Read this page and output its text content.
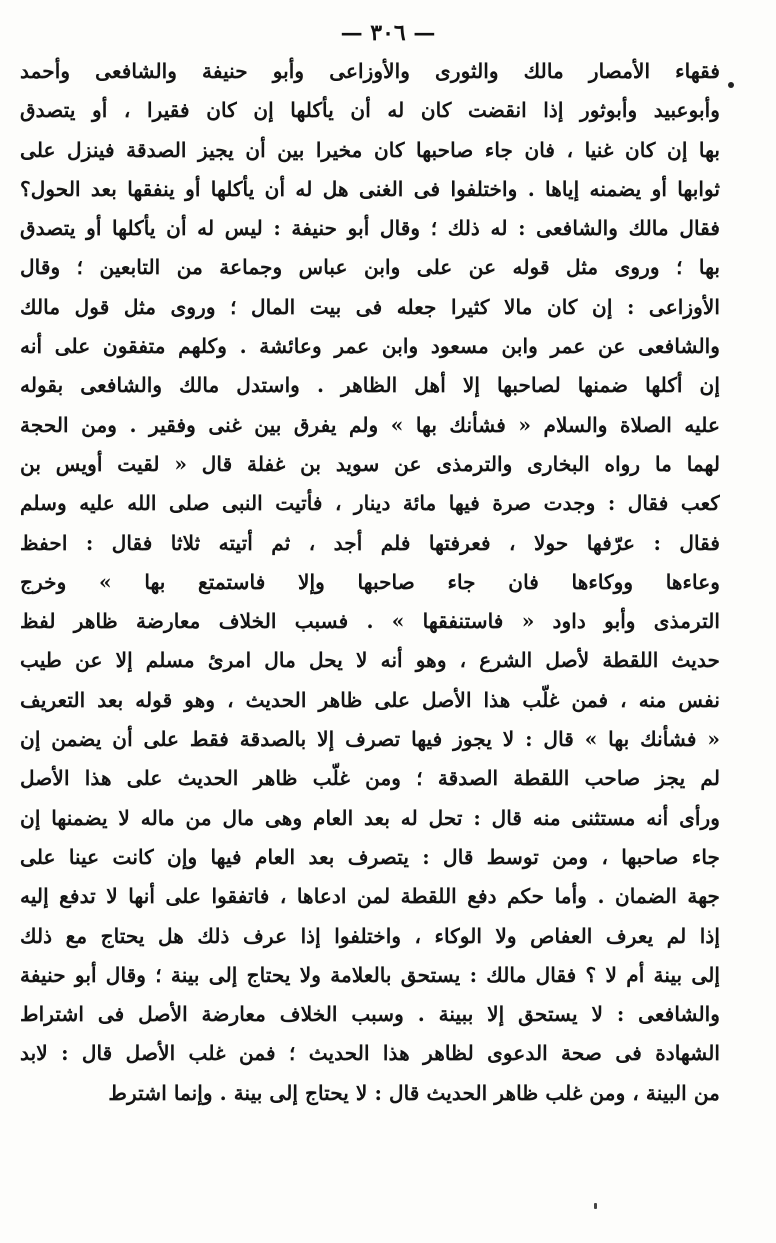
— ٣٠٦ —
فقهاء الأمصار مالك والثورى والأوزاعى وأبو حنيفة والشافعى وأحمد
وأبوعبيد وأبوثور إذا انقضت كان له أن يأكلها إن كان فقيرا ، أو يتصدق
بها إن كان غنيا ، فان جاء صاحبها كان مخيرا بين أن يجيز الصدقة فينزل على
ثوابها أو يضمنه إياها . واختلفوا فى الغنى هل له أن يأكلها أو ينفقها بعد الحول؟
فقال مالك والشافعى : له ذلك ؛ وقال أبو حنيفة : ليس له أن يأكلها أو يتصدق
بها ؛ وروى مثل قوله عن على وابن عباس وجماعة من التابعين ؛ وقال
الأوزاعى : إن كان مالا كثيرا جعله فى بيت المال ؛ وروى مثل قول مالك
والشافعى عن عمر وابن مسعود وابن عمر وعائشة . وكلهم متفقون على أنه
إن أكلها ضمنها لصاحبها إلا أهل الظاهر . واستدل مالك والشافعى بقوله
عليه الصلاة والسلام « فشأنك بها » ولم يفرق بين غنى وفقير . ومن الحجة
لهما ما رواه البخارى والترمذى عن سويد بن غفلة قال « لقيت أويس بن
كعب فقال : وجدت صرة فيها مائة دينار ، فأتيت النبى صلى الله عليه وسلم
فقال : عرّفها حولا ، فعرفتها فلم أجد ، ثم أتيته ثلاثا فقال : احفظ
وعاءها ووكاءها فان جاء صاحبها وإلا فاستمتع بها » وخرج
الترمذى وأبو داود « فاستنفقها » . فسبب الخلاف معارضة ظاهر لفظ
حديث اللقطة لأصل الشرع ، وهو أنه لا يحل مال امرئ مسلم إلا عن طيب
نفس منه ، فمن غلّب هذا الأصل على ظاهر الحديث ، وهو قوله بعد التعريف
« فشأنك بها » قال : لا يجوز فيها تصرف إلا بالصدقة فقط على أن يضمن إن
لم يجز صاحب اللقطة الصدقة ؛ ومن غلّب ظاهر الحديث على هذا الأصل
ورأى أنه مستثنى منه قال : تحل له بعد العام وهى مال من ماله لا يضمنها إن
جاء صاحبها ، ومن توسط قال : يتصرف بعد العام فيها وإن كانت عينا على
جهة الضمان . وأما حكم دفع اللقطة لمن ادعاها ، فاتفقوا على أنها لا تدفع إليه
إذا لم يعرف العفاص ولا الوكاء ، واختلفوا إذا عرف ذلك هل يحتاج مع ذلك
إلى بينة أم لا ؟ فقال مالك : يستحق بالعلامة ولا يحتاج إلى بينة ؛ وقال أبو حنيفة
والشافعى : لا يستحق إلا ببينة . وسبب الخلاف معارضة الأصل فى اشتراط
الشهادة فى صحة الدعوى لظاهر هذا الحديث ؛ فمن غلب الأصل قال : لابد
من البينة ، ومن غلب ظاهر الحديث قال : لا يحتاج إلى بينة . وإنما اشترط
